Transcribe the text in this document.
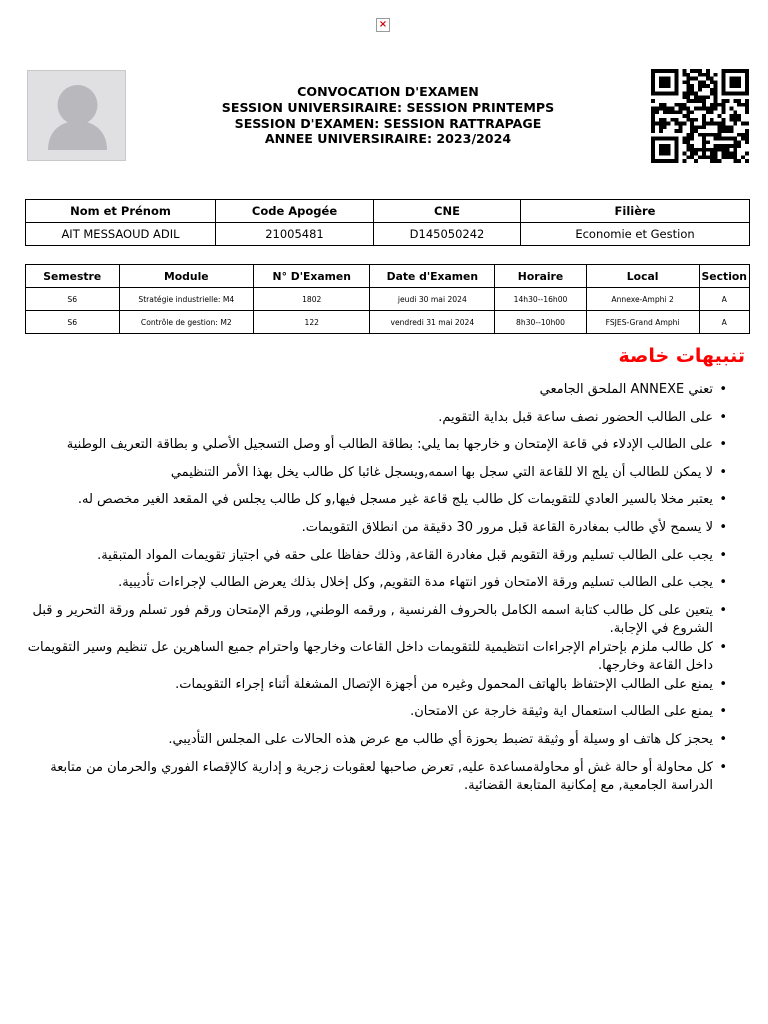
×
CONVOCATION D'EXAMEN
SESSION UNIVERSIRAIRE: SESSION PRINTEMPS
SESSION D'EXAMEN: SESSION RATTRAPAGE
ANNEE UNIVERSIRAIRE: 2023/2024
Nom et Prénom	Code Apogée	CNE	Filière
AIT MESSAOUD ADIL	21005481	D145050242	Economie et Gestion
Semestre	Module	N° D'Examen	Date d'Examen	Horaire	Local	Section
S6	Stratégie industrielle: M4	1802	jeudi 30 mai 2024	14h30--16h00	Annexe-Amphi 2	A
S6	Contrôle de gestion: M2	122	vendredi 31 mai 2024	8h30--10h00	FSJES-Grand Amphi	A
تنبيهات خاصة
• تعني ANNEXE الملحق الجامعي
• على الطالب الحضور نصف ساعة قبل بداية التقويم.
• على الطالب الإدلاء في قاعة الإمتحان و خارجها بما يلي: بطاقة الطالب أو وصل التسجيل الأصلي و بطاقة التعريف الوطنية
• لا يمكن للطالب أن يلج الا للقاعة التي سجل بها اسمه,ويسجل غائبا كل طالب يخل بهذا الأمر التنظيمي
• يعتبر مخلا بالسير العادي للتقويمات كل طالب يلج قاعة غير مسجل فيها,و كل طالب يجلس في المقعد الغير مخصص له.
• لا يسمح لأي طالب بمغادرة القاعة قبل مرور 30 دقيقة من انطلاق التقويمات.
• يجب على الطالب تسليم ورقة التقويم قبل مغادرة القاعة, وذلك حفاظا على حقه في اجتياز تقويمات المواد المتبقية.
• يجب على الطالب تسليم ورقة الامتحان فور انتهاء مدة التقويم, وكل إخلال بذلك يعرض الطالب لإجراءات تأديبية.
• يتعين على كل طالب كتابة اسمه الكامل بالحروف الفرنسية , ورقمه الوطني, ورقم الإمتحان ورقم فور تسلم ورقة التحرير و قبل الشروع في الإجابة.
• كل طالب ملزم بإحترام الإجراءات انتظيمية للتقويمات داخل القاعات وخارجها واحترام جميع الساهرين عل تنظيم وسير التقويمات داخل القاعة وخارجها.
• يمنع على الطالب الإحتفاظ بالهاتف المحمول وغيره من أجهزة الإتصال المشغلة أثناء إجراء التقويمات.
• يمنع على الطالب استعمال اية وثيقة خارجة عن الامتحان.
• يحجز كل هاتف او وسيلة أو وثيقة تضبط بحوزة أي طالب مع عرض هذه الحالات على المجلس التأديبي.
• كل محاولة أو حالة غش أو محاولةمساعدة عليه, تعرض صاحبها لعقوبات زجرية و إدارية كالإقصاء الفوري والحرمان من متابعة الدراسة الجامعية, مع إمكانية المتابعة القضائية.
